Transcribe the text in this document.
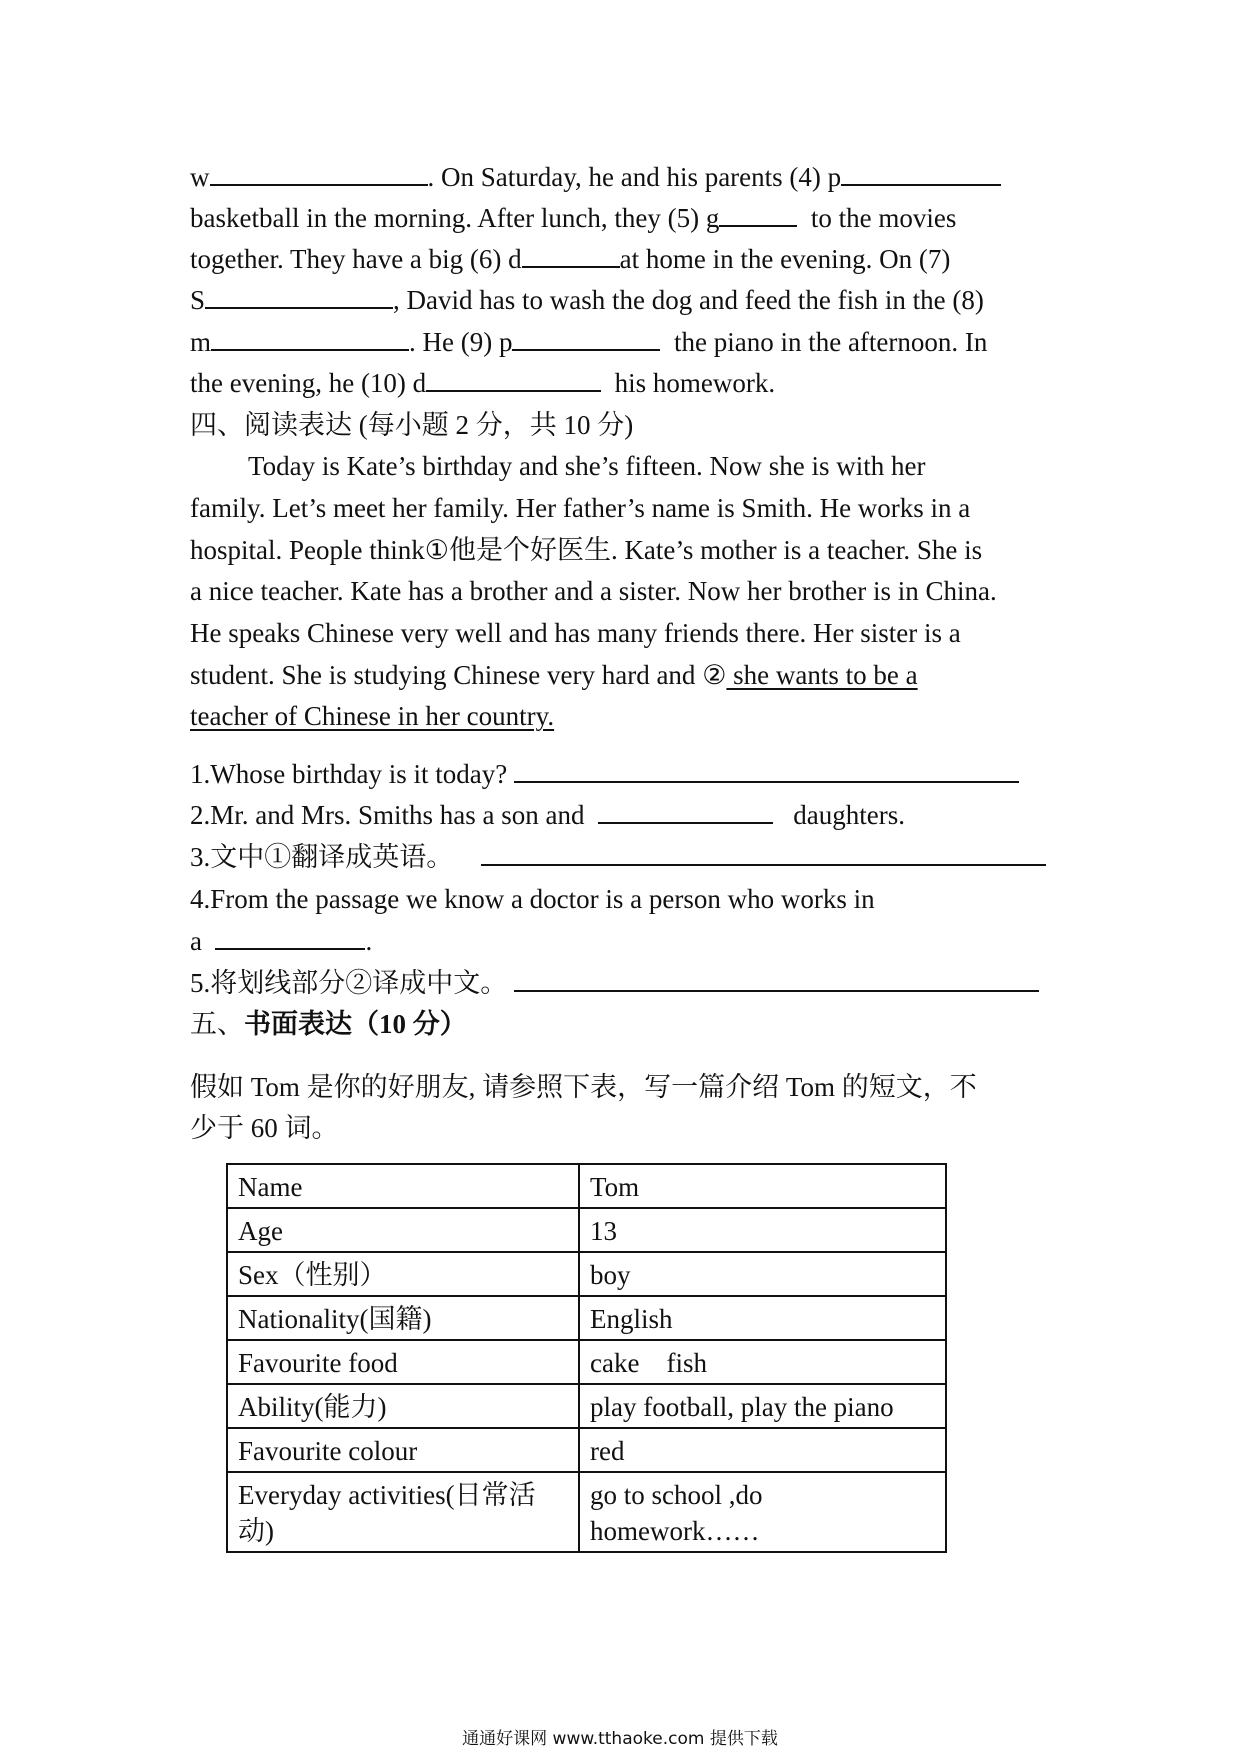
w	. On Saturday, he and his parents (4) p
basketball in the morning. After lunch, they (5) g	to the movies
together. They have a big (6) d	at home in the evening. On (7)
S	, David has to wash the dog and feed the fish in the (8)
m	. He (9) p	the piano in the afternoon. In
the evening, he (10) d	his homework.
四、阅读表达 (每小题 2 分，共 10 分)
Today is Kate’s birthday and she’s fifteen. Now she is with her
family. Let’s meet her family. Her father’s name is Smith. He works in a
hospital. People think①他是个好医生. Kate’s mother is a teacher. She is
a nice teacher. Kate has a brother and a sister. Now her brother is in China.
He speaks Chinese very well and has many friends there. Her sister is a
student. She is studying Chinese very hard and ② she wants to be a
teacher of Chinese in her country.
1.Whose birthday is it today?
2.Mr. and Mrs. Smiths has a son and	daughters.
3.文中①翻译成英语。
4.From the passage we know a doctor is a person who works in
a	.
5.将划线部分②译成中文。
五、书面表达（10 分）
假如 Tom 是你的好朋友, 请参照下表，写一篇介绍 Tom 的短文，不
少于 60 词。
Name	Tom
Age	13
Sex（性别）	boy
Nationality(国籍)	English
Favourite food	cake    fish
Ability(能力)	play football, play the piano
Favourite colour	red
Everyday activities(日常活动)	go to school ,do homework……
通通好课网 www.tthaoke.com 提供下载
